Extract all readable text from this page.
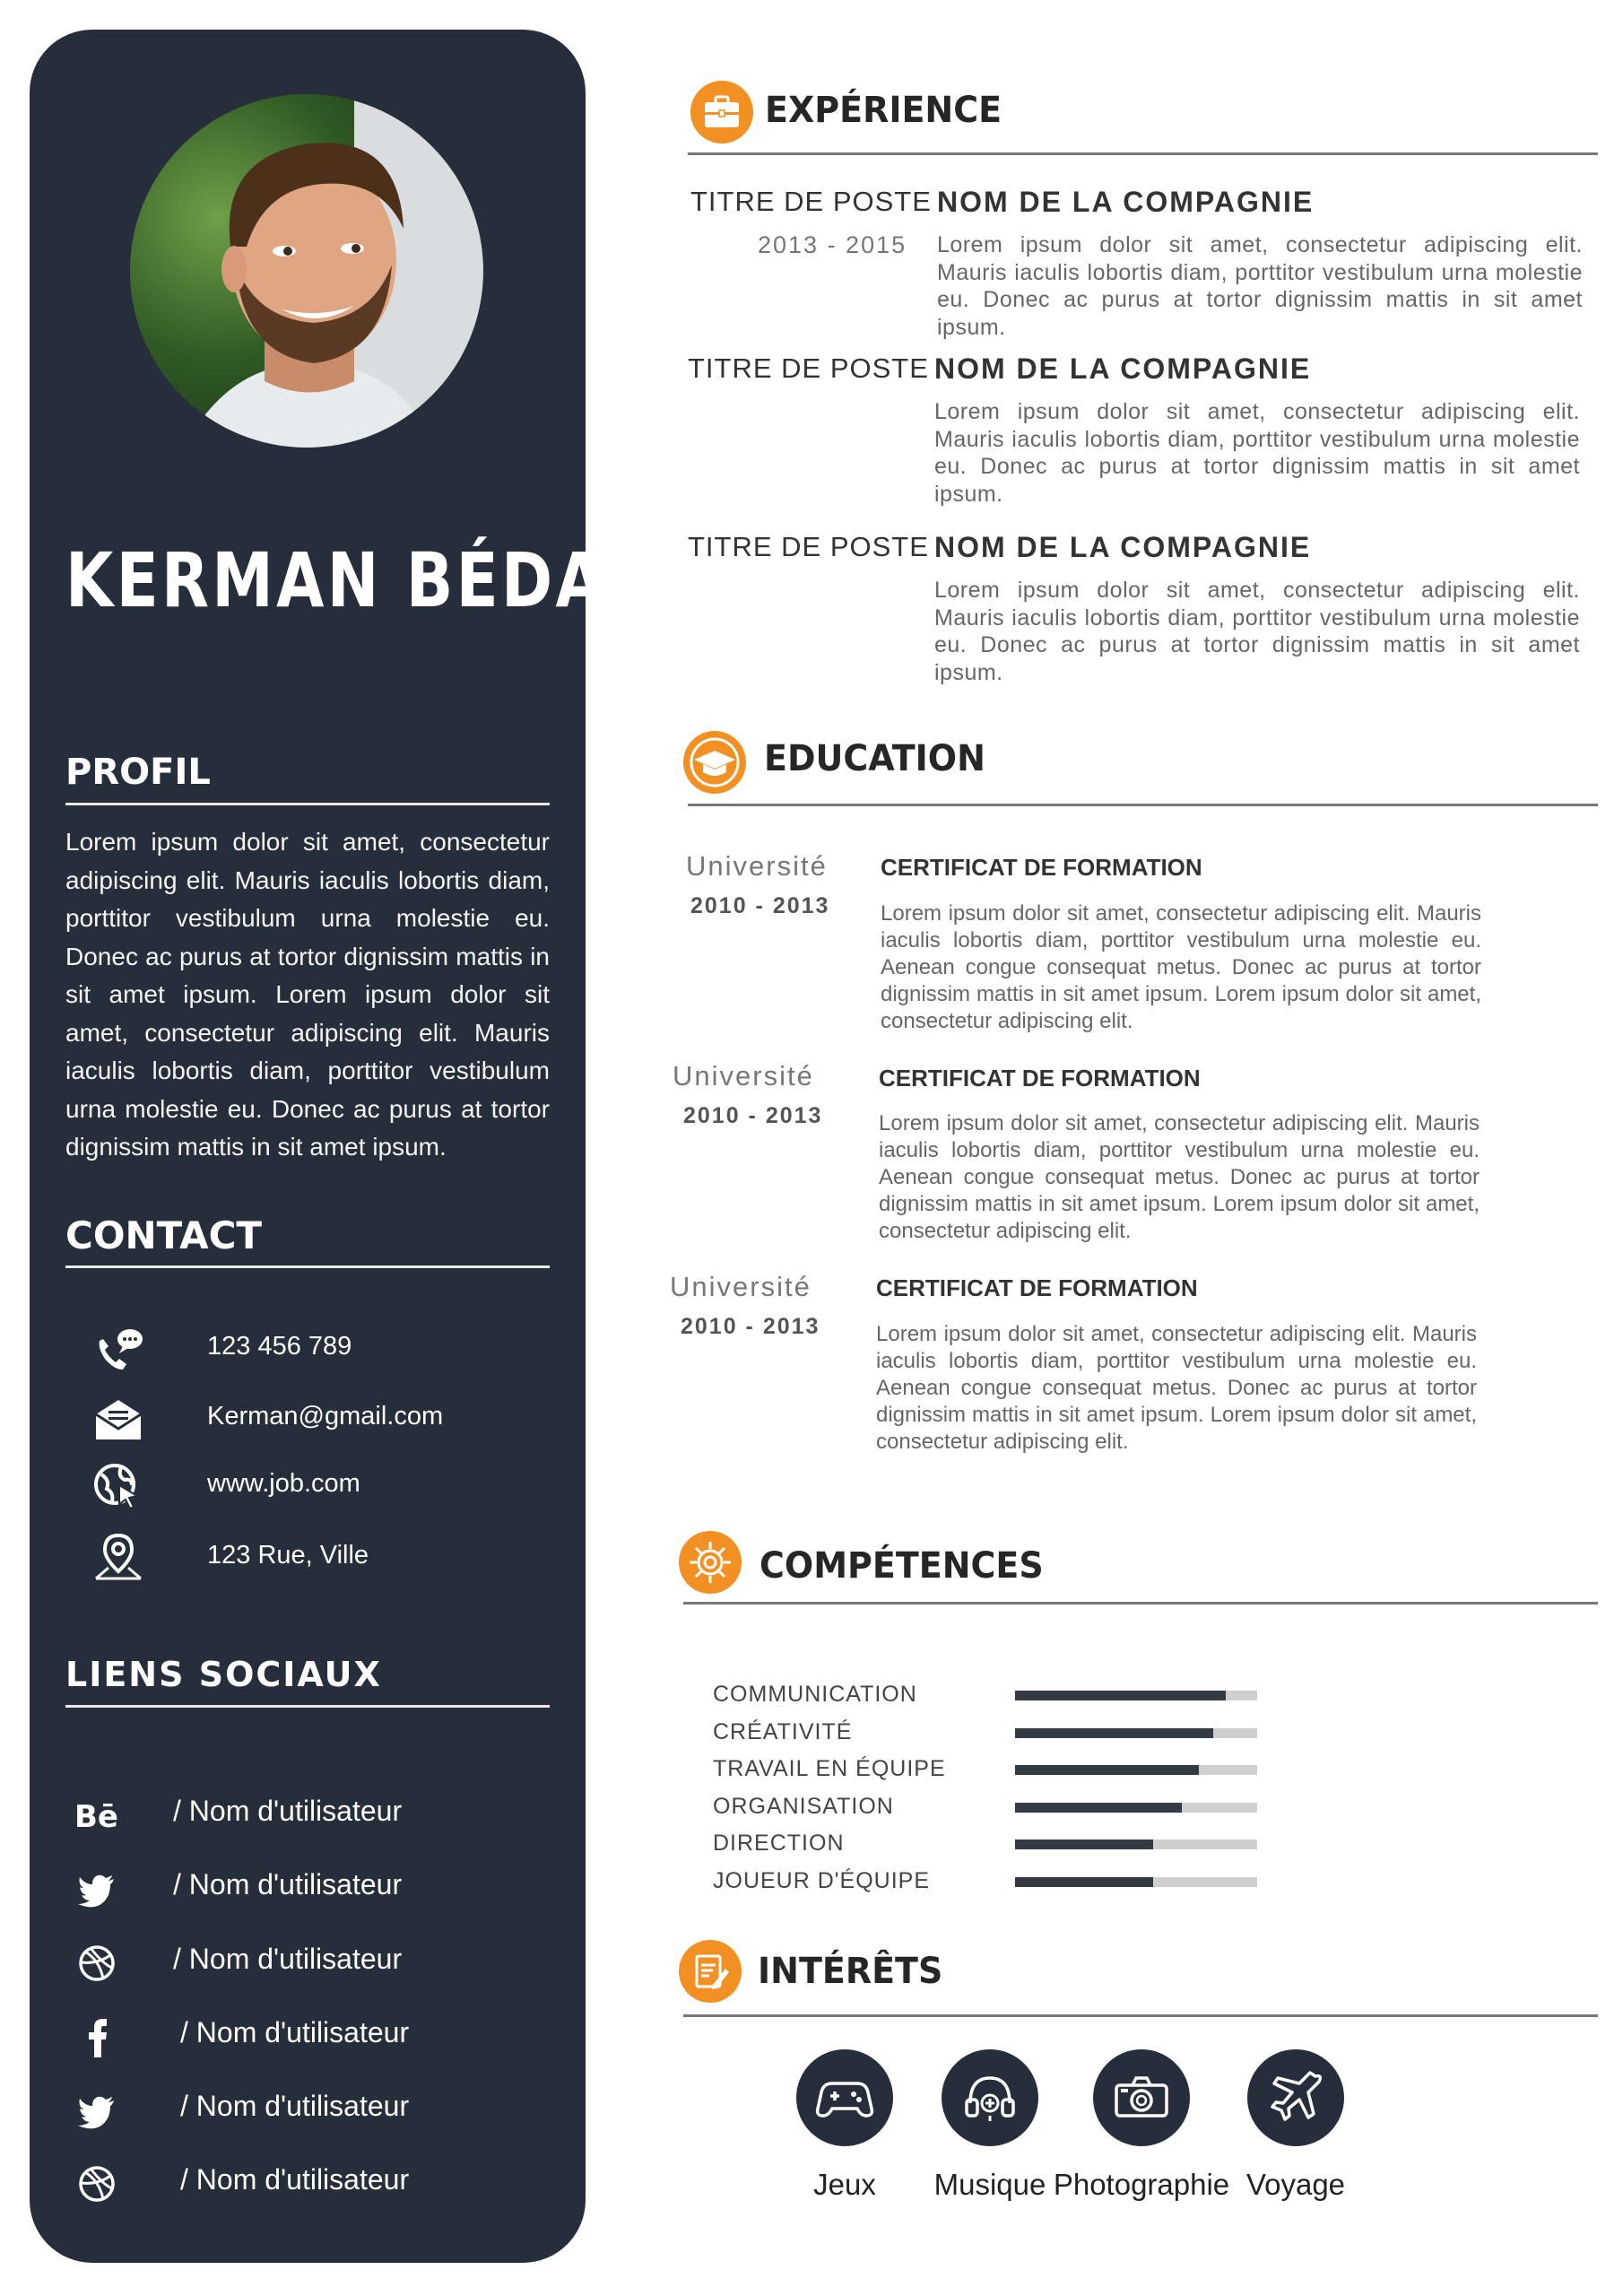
KERMAN BÉDARD
PROFIL
Lorem ipsum dolor sit amet, consectetur adipiscing elit. Mauris iaculis lobortis diam, porttitor vestibulum urna molestie eu. Donec ac purus at tortor dignissim mattis in sit amet ipsum. Lorem ipsum dolor sit amet, consectetur adipiscing elit. Mauris iaculis lobortis diam, porttitor vestibulum urna molestie eu. Donec ac purus at tortor dignissim mattis in sit amet ipsum.
CONTACT
123 456 789
Kerman@gmail.com
www.job.com
123 Rue, Ville
LIENS SOCIAUX
Bē / Nom d'utilisateur
/ Nom d'utilisateur
/ Nom d'utilisateur
/ Nom d'utilisateur
/ Nom d'utilisateur
/ Nom d'utilisateur
EXPÉRIENCE
TITRE DE POSTE
2013 - 2015
NOM DE LA COMPAGNIE
Lorem ipsum dolor sit amet, consectetur adipiscing elit. Mauris iaculis lobortis diam, porttitor vestibulum urna molestie eu. Donec ac purus at tortor dignissim mattis in sit amet ipsum.
TITRE DE POSTE NOM DE LA COMPAGNIE
Lorem ipsum dolor sit amet, consectetur adipiscing elit. Mauris iaculis lobortis diam, porttitor vestibulum urna molestie eu. Donec ac purus at tortor dignissim mattis in sit amet ipsum.
TITRE DE POSTE NOM DE LA COMPAGNIE
Lorem ipsum dolor sit amet, consectetur adipiscing elit. Mauris iaculis lobortis diam, porttitor vestibulum urna molestie eu. Donec ac purus at tortor dignissim mattis in sit amet ipsum.
EDUCATION
Université
2010 - 2013
CERTIFICAT DE FORMATION
Lorem ipsum dolor sit amet, consectetur adipiscing elit. Mauris iaculis lobortis diam, porttitor vestibulum urna molestie eu. Aenean congue consequat metus. Donec ac purus at tortor dignissim mattis in sit amet ipsum. Lorem ipsum dolor sit amet, consectetur adipiscing elit.
Université
2010 - 2013
CERTIFICAT DE FORMATION
Lorem ipsum dolor sit amet, consectetur adipiscing elit. Mauris iaculis lobortis diam, porttitor vestibulum urna molestie eu. Aenean congue consequat metus. Donec ac purus at tortor dignissim mattis in sit amet ipsum. Lorem ipsum dolor sit amet, consectetur adipiscing elit.
Université
2010 - 2013
CERTIFICAT DE FORMATION
Lorem ipsum dolor sit amet, consectetur adipiscing elit. Mauris iaculis lobortis diam, porttitor vestibulum urna molestie eu. Aenean congue consequat metus. Donec ac purus at tortor dignissim mattis in sit amet ipsum. Lorem ipsum dolor sit amet, consectetur adipiscing elit.
COMPÉTENCES
COMMUNICATION
CRÉATIVITÉ
TRAVAIL EN ÉQUIPE
ORGANISATION
DIRECTION
JOUEUR D'ÉQUIPE
INTÉRÊTS
Jeux	Musique Photographie Voyage
